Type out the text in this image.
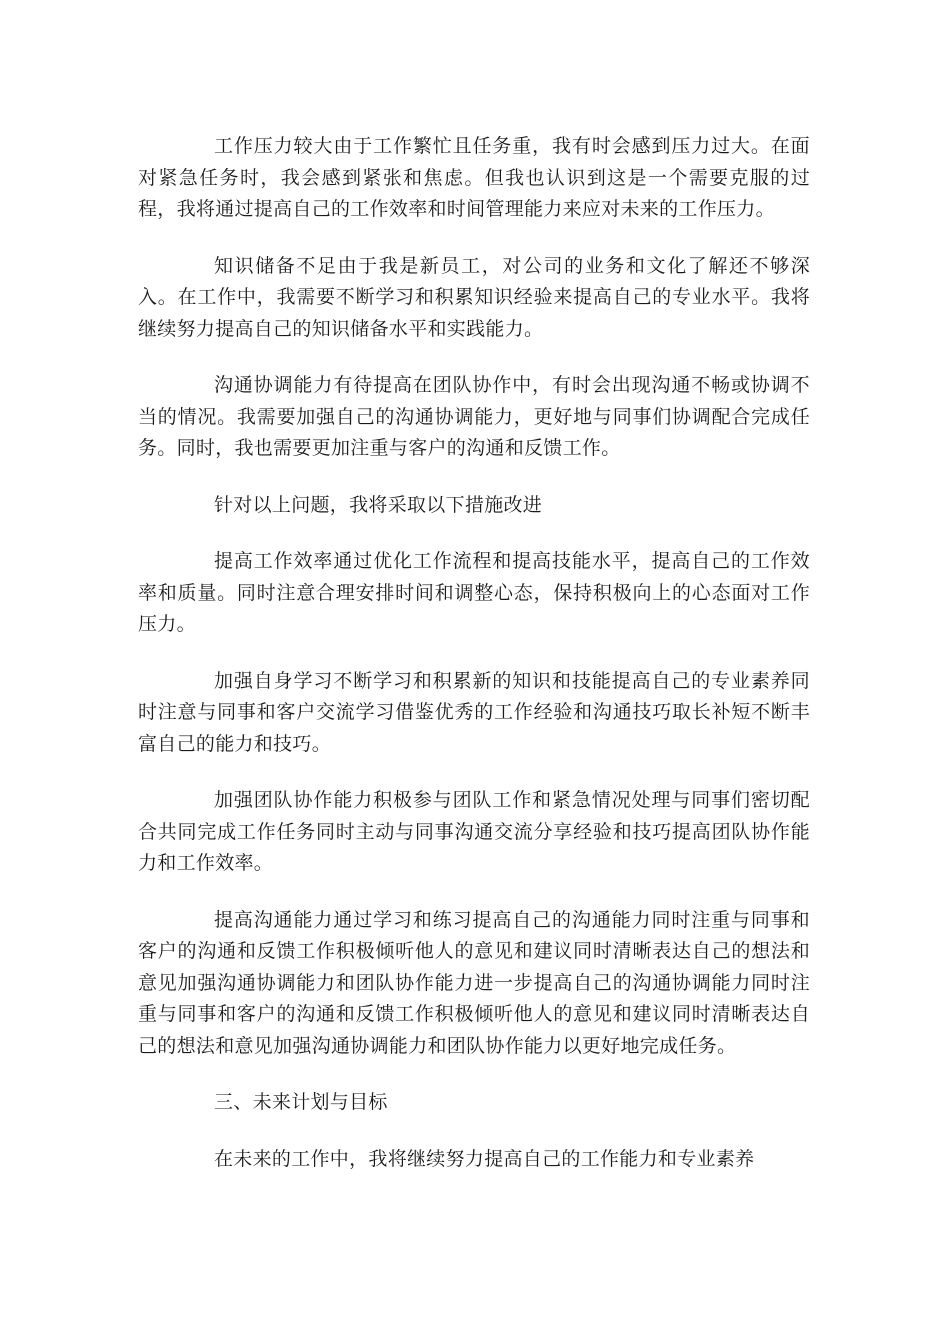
工作压力较大由于工作繁忙且任务重，我有时会感到压力过大。在面对紧急任务时，我会感到紧张和焦虑。但我也认识到这是一个需要克服的过程，我将通过提高自己的工作效率和时间管理能力来应对未来的工作压力。

知识储备不足由于我是新员工，对公司的业务和文化了解还不够深入。在工作中，我需要不断学习和积累知识经验来提高自己的专业水平。我将继续努力提高自己的知识储备水平和实践能力。

沟通协调能力有待提高在团队协作中，有时会出现沟通不畅或协调不当的情况。我需要加强自己的沟通协调能力，更好地与同事们协调配合完成任务。同时，我也需要更加注重与客户的沟通和反馈工作。

针对以上问题，我将采取以下措施改进

提高工作效率通过优化工作流程和提高技能水平，提高自己的工作效率和质量。同时注意合理安排时间和调整心态，保持积极向上的心态面对工作压力。

加强自身学习不断学习和积累新的知识和技能提高自己的专业素养同时注意与同事和客户交流学习借鉴优秀的工作经验和沟通技巧取长补短不断丰富自己的能力和技巧。

加强团队协作能力积极参与团队工作和紧急情况处理与同事们密切配合共同完成工作任务同时主动与同事沟通交流分享经验和技巧提高团队协作能力和工作效率。

提高沟通能力通过学习和练习提高自己的沟通能力同时注重与同事和客户的沟通和反馈工作积极倾听他人的意见和建议同时清晰表达自己的想法和意见加强沟通协调能力和团队协作能力进一步提高自己的沟通协调能力同时注重与同事和客户的沟通和反馈工作积极倾听他人的意见和建议同时清晰表达自己的想法和意见加强沟通协调能力和团队协作能力以更好地完成任务。

三、未来计划与目标

在未来的工作中，我将继续努力提高自己的工作能力和专业素养
